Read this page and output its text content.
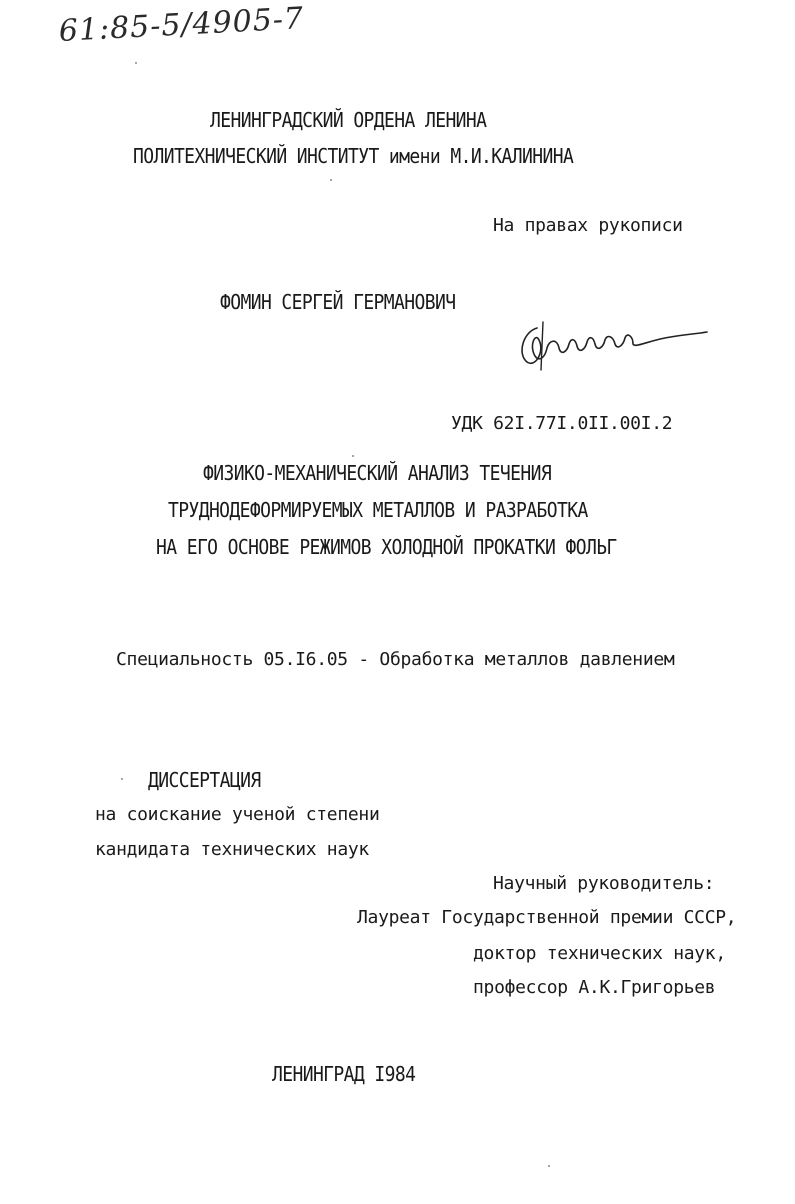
61:85-5/4905-7
ЛЕНИНГРАДСКИЙ ОРДЕНА ЛЕНИНА
ПОЛИТЕХНИЧЕСКИЙ ИНСТИТУТ имени М.И.КАЛИНИНА
На правах рукописи
ФОМИН СЕРГЕЙ ГЕРМАНОВИЧ
УДК 62I.77I.0II.00I.2
ФИЗИКО-МЕХАНИЧЕСКИЙ АНАЛИЗ ТЕЧЕНИЯ
ТРУДНОДЕФОРМИРУЕМЫХ МЕТАЛЛОВ И РАЗРАБОТКА
НА ЕГО ОСНОВЕ РЕЖИМОВ ХОЛОДНОЙ ПРОКАТКИ ФОЛЬГ
Специальность 05.I6.05 - Обработка металлов давлением
ДИССЕРТАЦИЯ
на соискание ученой степени
кандидата технических наук
Научный руководитель:
Лауреат Государственной премии СССР,
доктор технических наук,
профессор А.К.Григорьев
ЛЕНИНГРАД I984
